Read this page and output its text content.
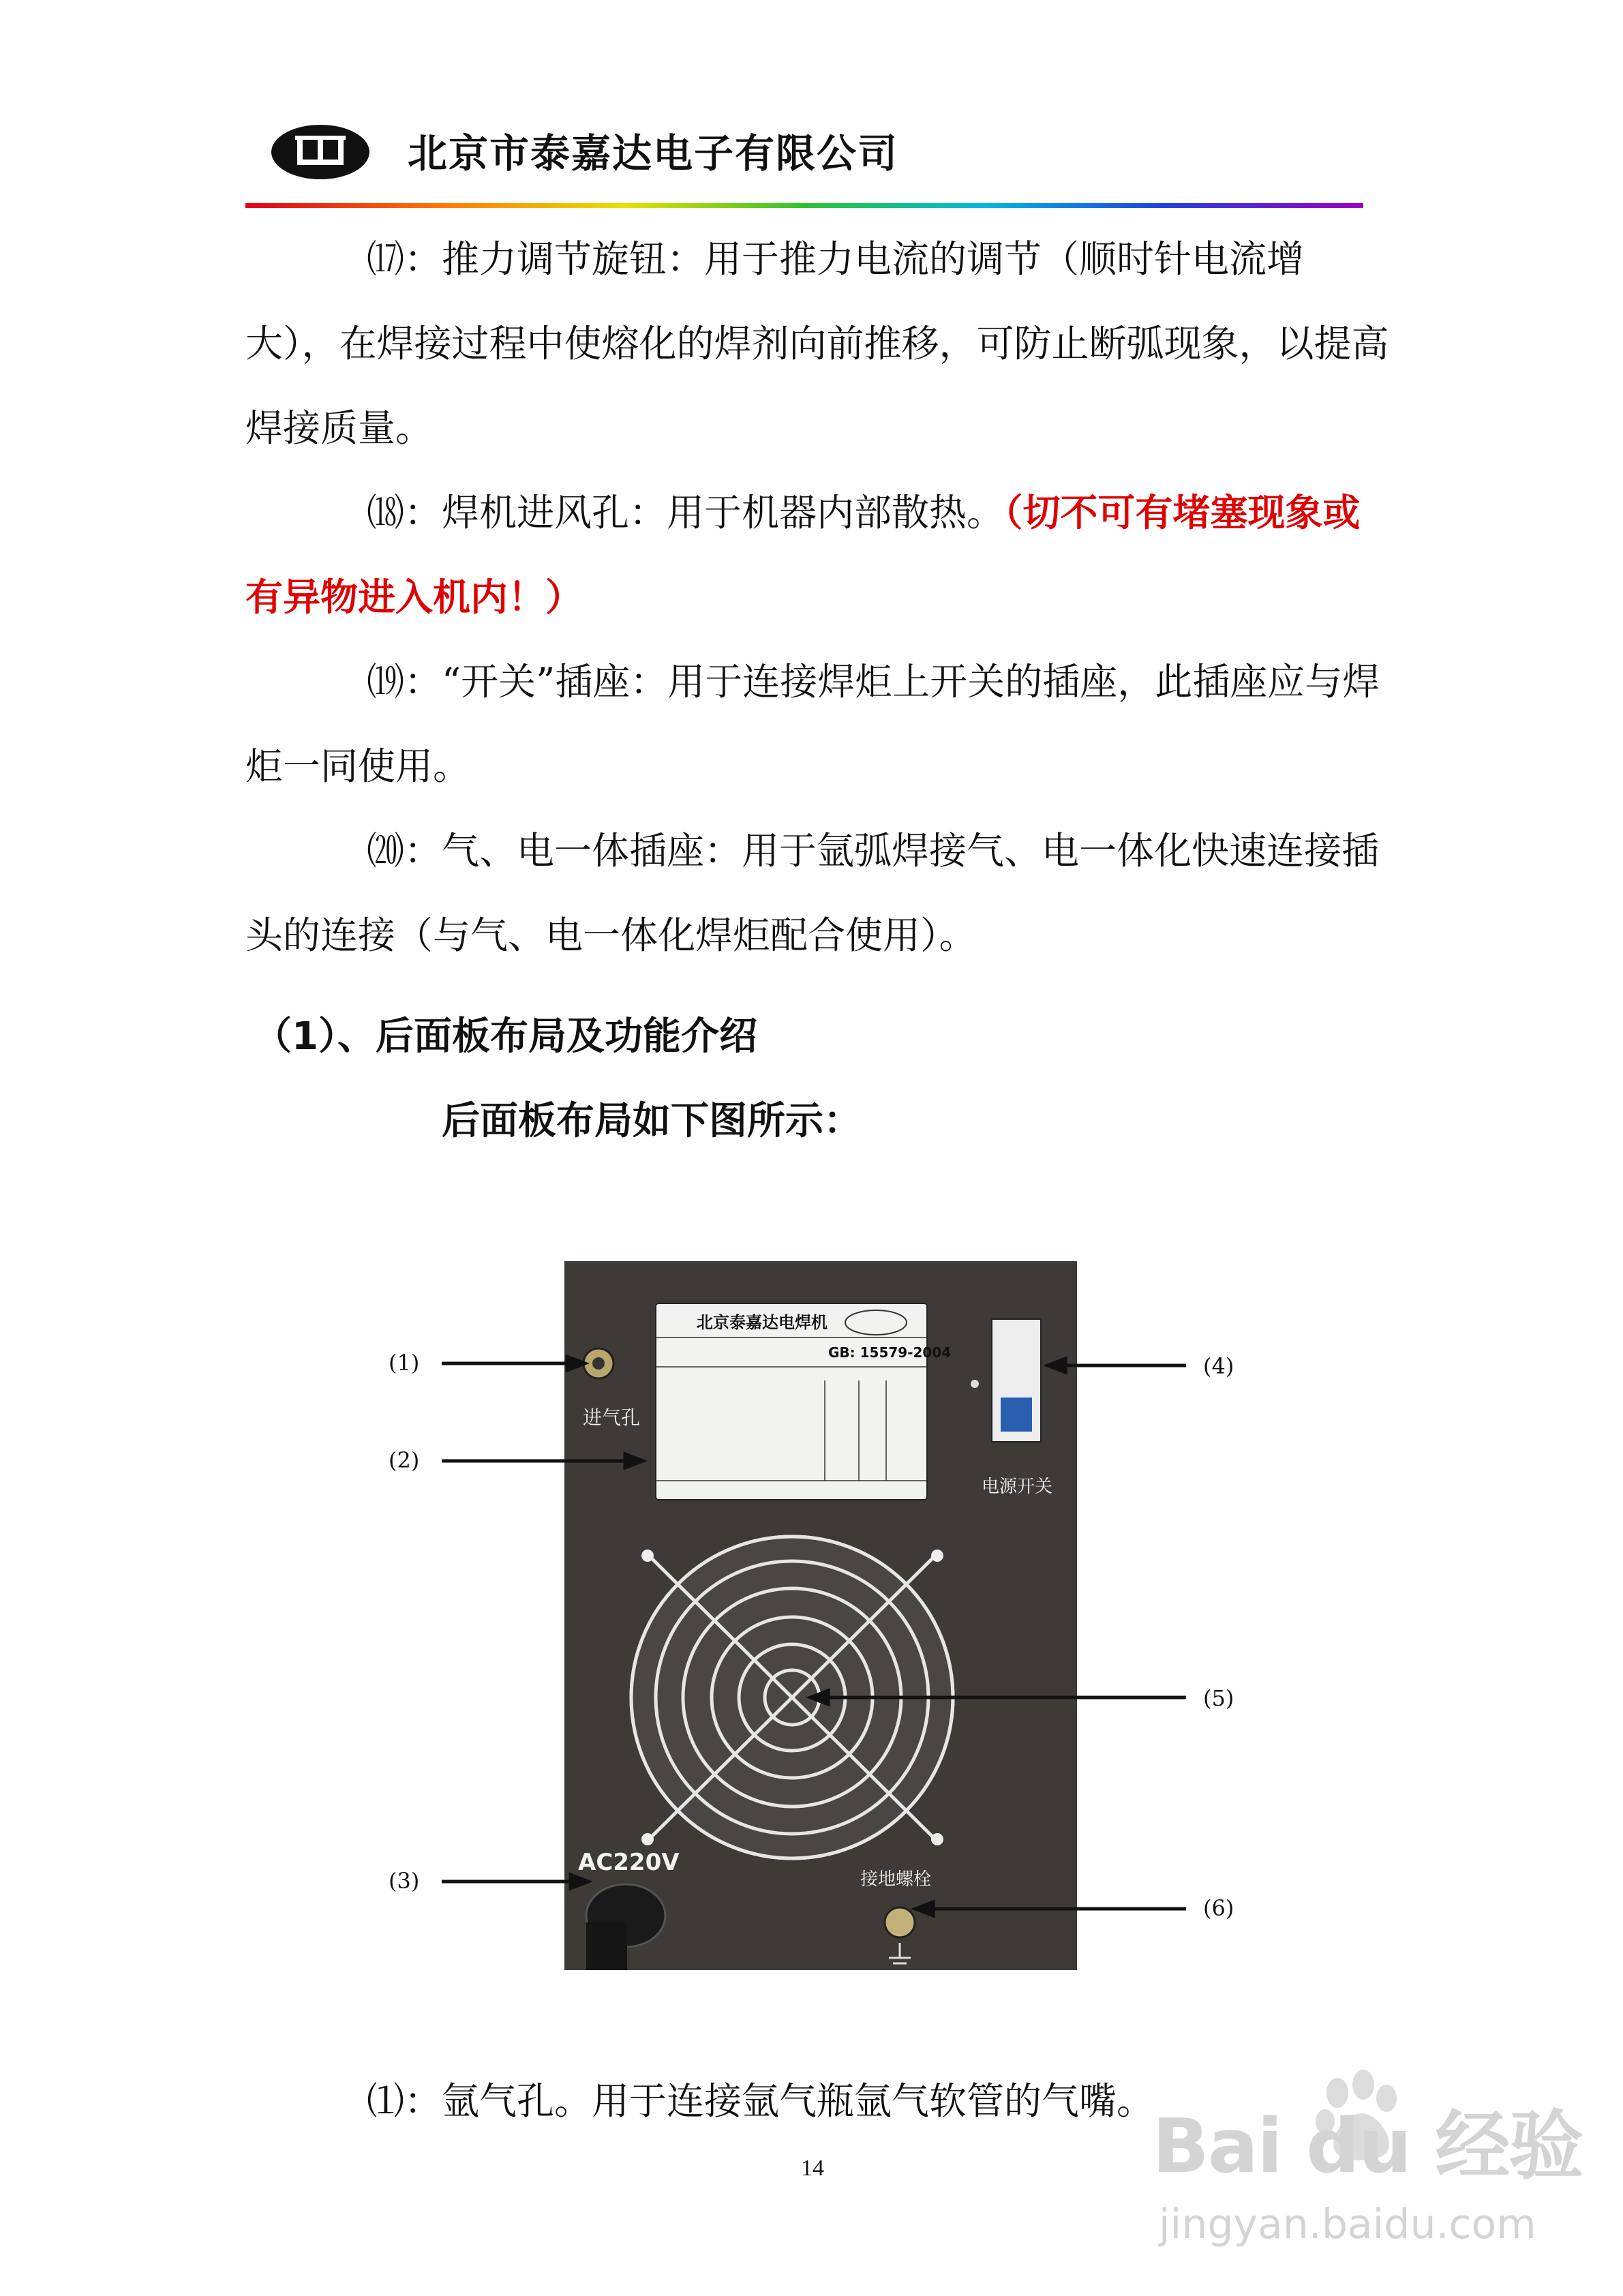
北京市泰嘉达电子有限公司

⒄：推力调节旋钮：用于推力电流的调节（顺时针电流增大），在焊接过程中使熔化的焊剂向前推移，可防止断弧现象，以提高焊接质量。

⒅：焊机进风孔：用于机器内部散热。（切不可有堵塞现象或有异物进入机内！）

⒆：“开关”插座：用于连接焊炬上开关的插座，此插座应与焊炬一同使用。

⒇：气、电一体插座：用于氩弧焊接气、电一体化快速连接插头的连接（与气、电一体化焊炬配合使用）。

（1）、后面板布局及功能介绍
后面板布局如下图所示：
进气孔
电源开关
AC220V
接地螺栓
北京泰嘉达电焊机
GB: 15579-2004
(1)
(2)
(3)
(4)
(5)
(6)

⑴：氩气孔。用于连接氩气瓶氩气软管的气嘴。

14	Bai du 经验
jingyan.baidu.com
